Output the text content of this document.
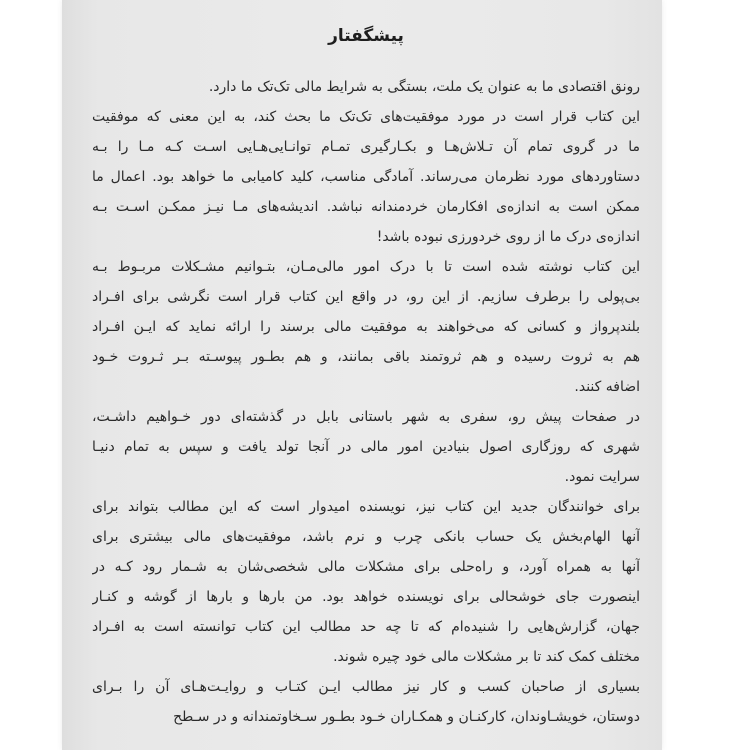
پیشگفتار
رونق اقتصادی ما به عنوان یک ملت، بستگی به شرایط مالی تک‌تک ما دارد.
این کتاب قرار است در مورد موفقیت‌های تک‌تک ما بحث کند، به این معنی که موفقیت
ما در گروی تمام آن تـلاش‌هـا و بکـارگیری تمـام توانـایی‌هـایی اسـت کـه مـا را بـه
دستاوردهای مورد نظرمان می‌رساند. آمادگی مناسب، کلید کامیابی ما خواهد بود. اعمال ما
ممکن است به اندازه‌ی افکارمان خردمندانه نباشد. اندیشه‌های مـا نیـز ممکـن اسـت بـه
اندازه‌ی درک ما از روی خردورزی نبوده باشد!
این کتاب نوشته شده است تا با درک امور مالی‌مـان، بتـوانیم مشـکلات مربـوط بـه
بی‌پولی را برطرف سازیم. از این رو، در واقع این کتاب قرار است نگرشی برای افـراد
بلندپرواز و کسانی که می‌خواهند به موفقیت مالی برسند را ارائه نماید که ایـن افـراد
هم به ثروت رسیده و هم ثروتمند باقی بمانند، و هم بطـور پیوسـته بـر ثـروت خـود
اضافه کنند.
در صفحات پیش رو، سفری به شهر باستانی بابل در گذشته‌ای دور خـواهیم داشـت،
شهری که روزگاری اصول بنیادین امور مالی در آنجا تولد یافت و سپس به تمام دنیـا
سرایت نمود.
برای خوانندگان جدید این کتاب نیز، نویسنده امیدوار است که این مطالب بتواند برای
آنها الهام‌بخش یک حساب بانکی چرب و نرم باشد، موفقیت‌های مالی بیشتری برای
آنها به همراه آورد، و راه‌حلی برای مشکلات مالی شخصی‌شان به شـمار رود کـه در
اینصورت جای خوشحالی برای نویسنده خواهد بود. من بارها و بارها از گوشه و کنـار
جهان، گزارش‌هایی را شنیده‌ام که تا چه حد مطالب این کتاب توانسته است به افـراد
مختلف کمک کند تا بر مشکلات مالی خود چیره شوند.
بسیاری از صاحبان کسب و کار نیز مطالب ایـن کتـاب و روایـت‌هـای آن را بـرای
دوستان، خویشـاوندان، کارکنـان و همکـاران خـود بطـور سـخاوتمندانه و در سـطح
